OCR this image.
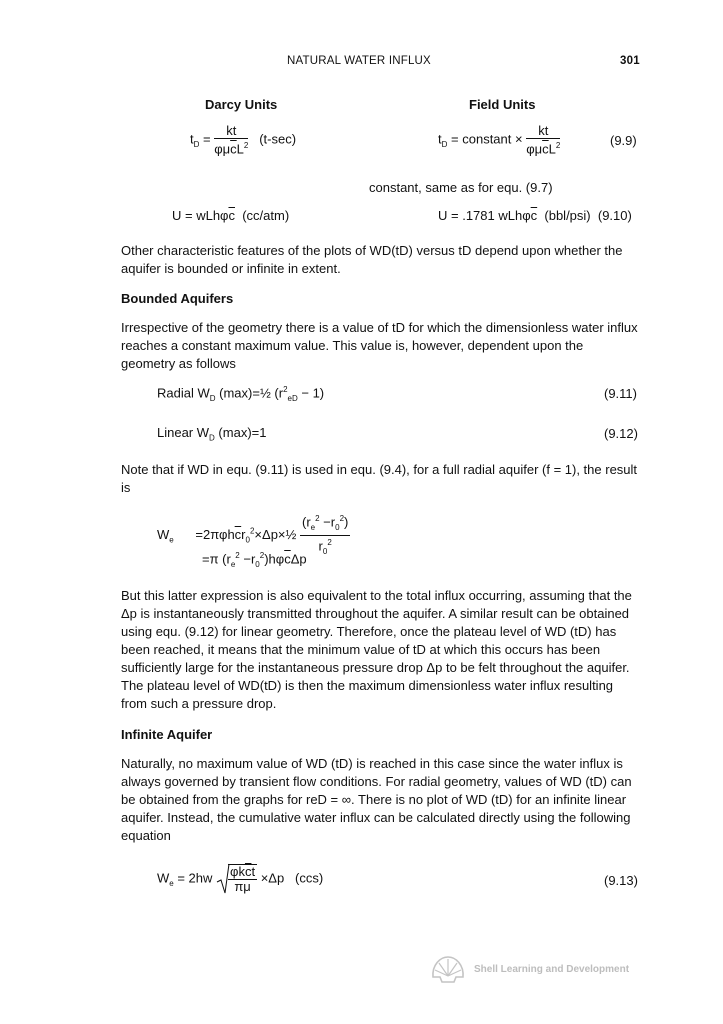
NATURAL WATER INFLUX	301
Darcy Units	Field Units
$t_D = \frac{kt}{\varphi\mu\overline{c}L^2} (t-\sec)$	$t_D$ = constant × $\frac{kt}{\varphi\mu\overline{c}L^2}$	(9.9)
constant, same as for equ. (9.7)
$U = wLh\varphi\overline{c}$ (cc/atm)	U = .1781 $wLh\varphi\overline{c}$ (bbl/psi) (9.10)
Other characteristic features of the plots of WD(tD) versus tD depend upon whether the aquifer is bounded or infinite in extent.
Bounded Aquifers
Irrespective of the geometry there is a value of tD for which the dimensionless water influx reaches a constant maximum value. This value is, however, dependent upon the geometry as follows
Radial $W_D$ (max)=½ $(r^2_{eD} - 1)$	(9.11)
Linear $W_D$ (max)=1	(9.12)
Note that if WD in equ. (9.11) is used in equ. (9.4), for a full radial aquifer (f = 1), the result is
$W_e$      $=2\pi\varphi h\overline{c}r_0^2\times\Delta p\times\frac{1}{2} \frac{(r_e^2 -r_0^2)}{r_0^2}$
=π $(r_e^2 -r_0^2)h\varphi\overline{c}\Delta p$
But this latter expression is also equivalent to the total influx occurring, assuming that the Δp is instantaneously transmitted throughout the aquifer. A similar result can be obtained using equ. (9.12) for linear geometry. Therefore, once the plateau level of WD (tD) has been reached, it means that the minimum value of tD at which this occurs has been sufficiently large for the instantaneous pressure drop Δp to be felt throughout the aquifer. The plateau level of WD(tD) is then the maximum dimensionless water influx resulting from such a pressure drop.
Infinite Aquifer
Naturally, no maximum value of WD (tD) is reached in this case since the water influx is always governed by transient flow conditions. For radial geometry, values of WD (tD) can be obtained from the graphs for reD = ∞. There is no plot of WD (tD) for an infinite linear aquifer. Instead, the cumulative water influx can be calculated directly using the following equation
$W_e = 2hw \frac{\varphi k\overline{c}t}{\pi\mu} \times\Delta p$   (ccs)	(9.13)
Shell Learning and Development
